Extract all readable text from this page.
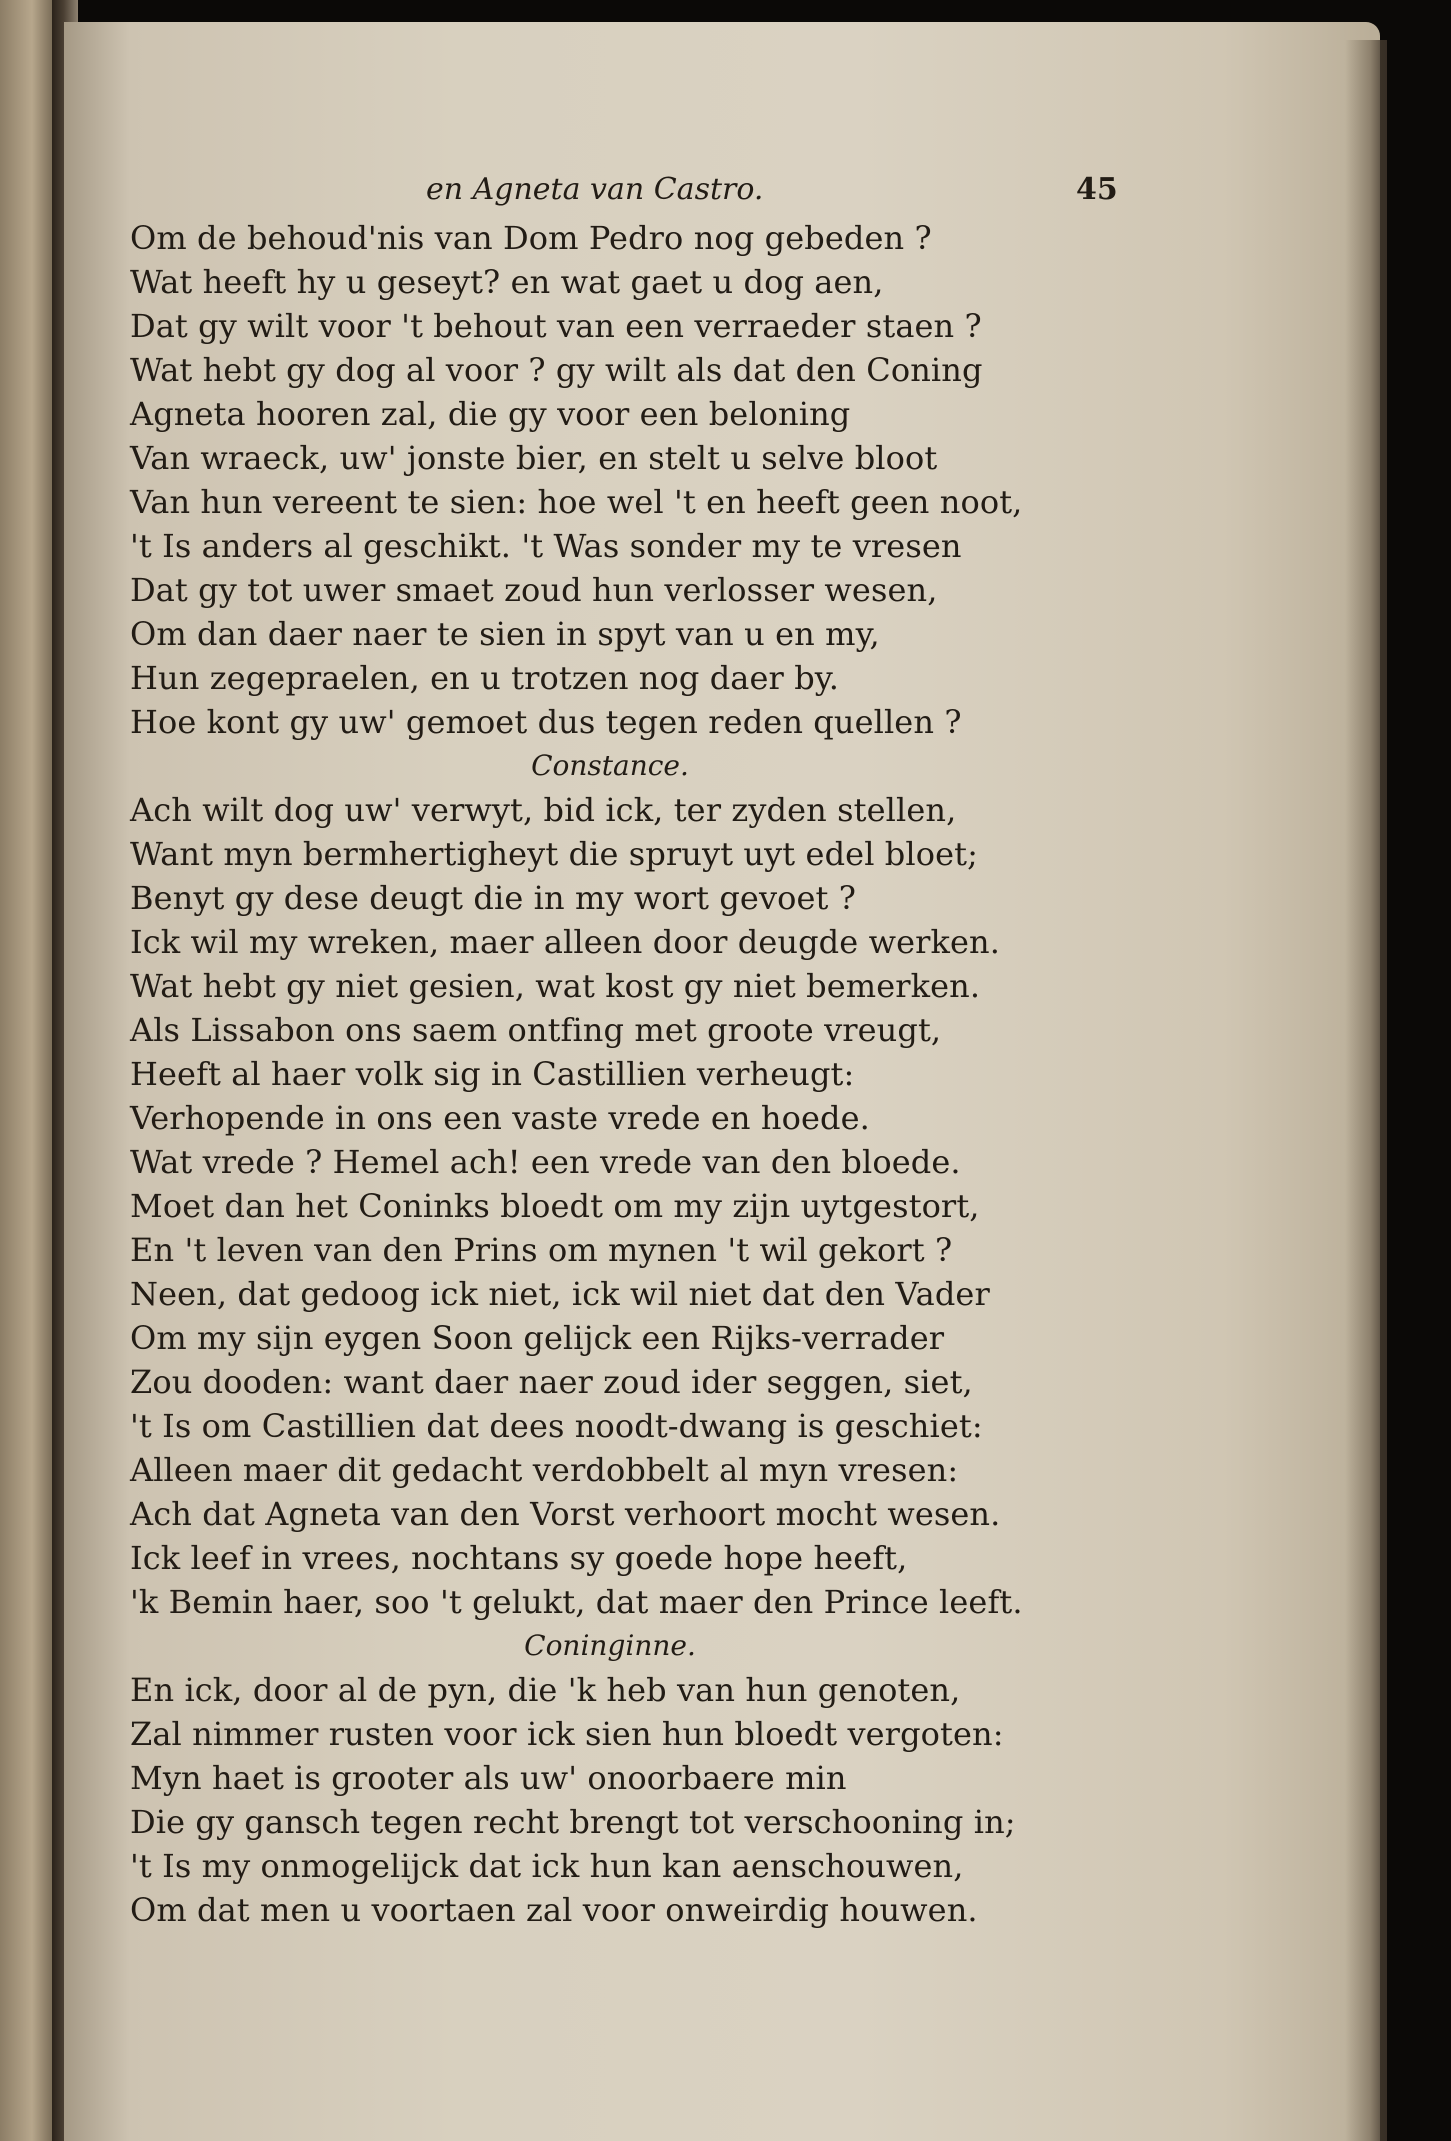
en Agneta van Castro.	45
Om de behoud'nis van Dom Pedro nog gebeden ?
Wat heeft hy u geseyt? en wat gaet u dog aen,
Dat gy wilt voor 't behout van een verraeder staen ?
Wat hebt gy dog al voor ? gy wilt als dat den Coning
Agneta hooren zal, die gy voor een beloning
Van wraeck, uw' jonste bier, en stelt u selve bloot
Van hun vereent te sien: hoe wel 't en heeft geen noot,
't Is anders al geschikt. 't Was sonder my te vresen
Dat gy tot uwer smaet zoud hun verlosser wesen,
Om dan daer naer te sien in spyt van u en my,
Hun zegepraelen, en u trotzen nog daer by.
Hoe kont gy uw' gemoet dus tegen reden quellen ?
Constance.
Ach wilt dog uw' verwyt, bid ick, ter zyden stellen,
Want myn bermhertigheyt die spruyt uyt edel bloet;
Benyt gy dese deugt die in my wort gevoet ?
Ick wil my wreken, maer alleen door deugde werken.
Wat hebt gy niet gesien, wat kost gy niet bemerken.
Als Lissabon ons saem ontfing met groote vreugt,
Heeft al haer volk sig in Castillien verheugt:
Verhopende in ons een vaste vrede en hoede.
Wat vrede ? Hemel ach! een vrede van den bloede.
Moet dan het Coninks bloedt om my zijn uytgestort,
En 't leven van den Prins om mynen 't wil gekort ?
Neen, dat gedoog ick niet, ick wil niet dat den Vader
Om my sijn eygen Soon gelijck een Rijks-verrader
Zou dooden: want daer naer zoud ider seggen, siet,
't Is om Castillien dat dees noodt-dwang is geschiet:
Alleen maer dit gedacht verdobbelt al myn vresen:
Ach dat Agneta van den Vorst verhoort mocht wesen.
Ick leef in vrees, nochtans sy goede hope heeft,
'k Bemin haer, soo 't gelukt, dat maer den Prince leeft.
Coninginne.
En ick, door al de pyn, die 'k heb van hun genoten,
Zal nimmer rusten voor ick sien hun bloedt vergoten:
Myn haet is grooter als uw' onoorbaere min
Die gy gansch tegen recht brengt tot verschooning in;
't Is my onmogelijck dat ick hun kan aenschouwen,
Om dat men u voortaen zal voor onweirdig houwen.
